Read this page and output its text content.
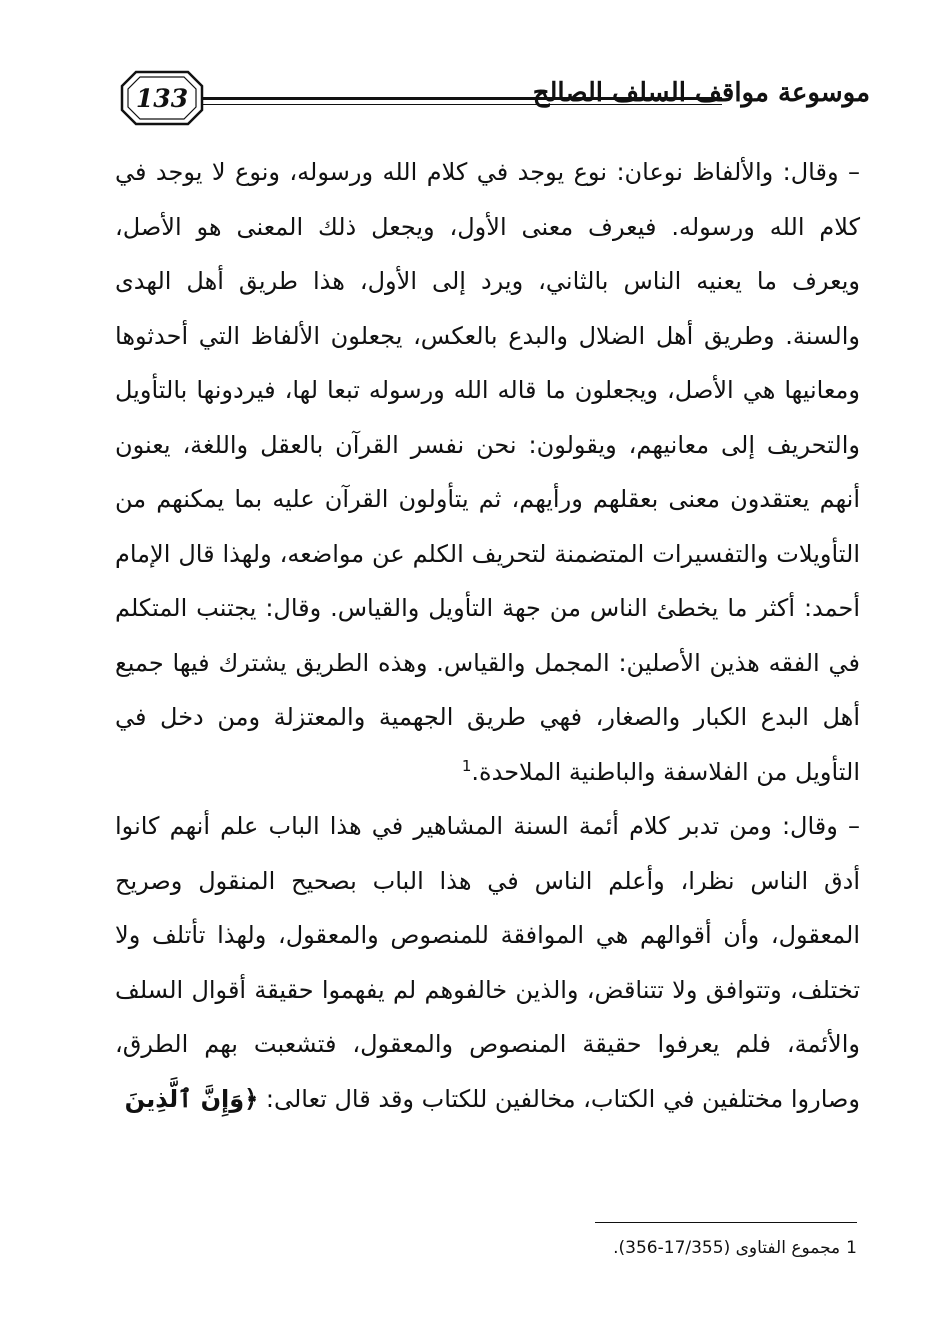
133	موسوعة مواقف السلف الصالح

– وقال: والألفاظ نوعان: نوع يوجد في كلام الله ورسوله، ونوع لا يوجد في كلام الله ورسوله. فيعرف معنى الأول، ويجعل ذلك المعنى هو الأصل، ويعرف ما يعنيه الناس بالثاني، ويرد إلى الأول، هذا طريق أهل الهدى والسنة. وطريق أهل الضلال والبدع بالعكس، يجعلون الألفاظ التي أحدثوها ومعانيها هي الأصل، ويجعلون ما قاله الله ورسوله تبعا لها، فيردونها بالتأويل والتحريف إلى معانيهم، ويقولون: نحن نفسر القرآن بالعقل واللغة، يعنون أنهم يعتقدون معنى بعقلهم ورأيهم، ثم يتأولون القرآن عليه بما يمكنهم من التأويلات والتفسيرات المتضمنة لتحريف الكلم عن مواضعه، ولهذا قال الإمام أحمد: أكثر ما يخطئ الناس من جهة التأويل والقياس. وقال: يجتنب المتكلم في الفقه هذين الأصلين: المجمل والقياس. وهذه الطريق يشترك فيها جميع أهل البدع الكبار والصغار، فهي طريق الجهمية والمعتزلة ومن دخل في التأويل من الفلاسفة والباطنية الملاحدة.$^1$

– وقال: ومن تدبر كلام أئمة السنة المشاهير في هذا الباب علم أنهم كانوا أدق الناس نظرا، وأعلم الناس في هذا الباب بصحيح المنقول وصريح المعقول، وأن أقوالهم هي الموافقة للمنصوص والمعقول، ولهذا تأتلف ولا تختلف، وتتوافق ولا تتناقض، والذين خالفوهم لم يفهموا حقيقة أقوال السلف والأئمة، فلم يعرفوا حقيقة المنصوص والمعقول، فتشعبت بهم الطرق، وصاروا مختلفين في الكتاب، مخالفين للكتاب وقد قال تعالى: ﴿وَإِنَّ ٱلَّذِينَ

1مجموع الفتاوى (17/355-356).
